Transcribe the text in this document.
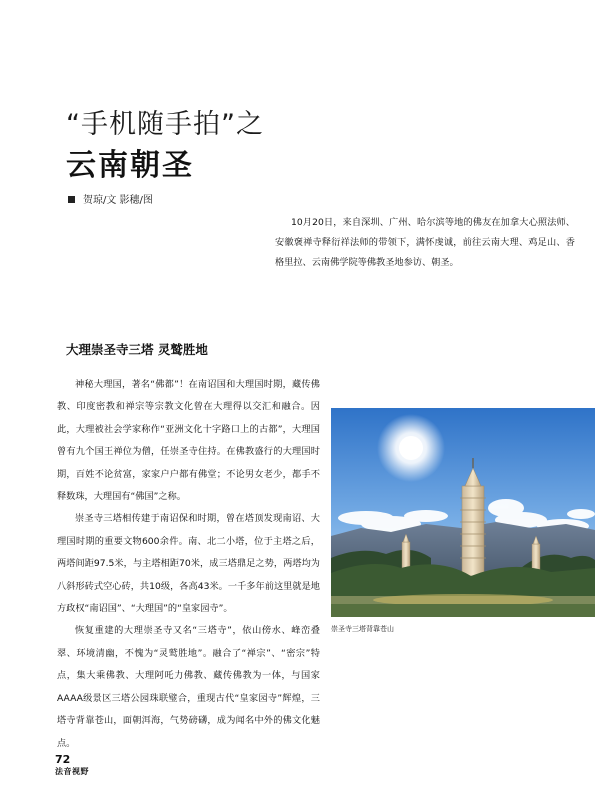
“手机随手拍”之
云南朝圣
贺琼/文 影穗/图
10月20日，来自深圳、广州、哈尔滨等地的佛友在加拿大心照法师、安徽褒禅寺释衍祥法师的带领下，满怀虔诚，前往云南大理、鸡足山、香格里拉、云南佛学院等佛教圣地参访、朝圣。
大理崇圣寺三塔 灵鹫胜地

神秘大理国，著名“佛都”！在南诏国和大理国时期，藏传佛教、印度密教和禅宗等宗教文化曾在大理得以交汇和融合。因此，大理被社会学家称作“亚洲文化十字路口上的古都”，大理国曾有九个国王禅位为僧，任崇圣寺住持。在佛教盛行的大理国时期，百姓不论贫富，家家户户都有佛堂；不论男女老少，都手不释数珠，大理国有“佛国”之称。

崇圣寺三塔相传建于南诏保和时期，曾在塔顶发现南诏、大理国时期的重要文物600余件。南、北二小塔，位于主塔之后，两塔间距97.5米，与主塔相距70米，成三塔鼎足之势，两塔均为八斜形砖式空心砖，共10级，各高43米。一千多年前这里就是地方政权“南诏国”、“大理国”的“皇家园寺”。

恢复重建的大理崇圣寺又名“三塔寺”，依山傍水、峰峦叠翠、环境清幽，不愧为“灵鹫胜地”。融合了“禅宗”、“密宗”特点，集大乘佛教、大理阿吒力佛教、藏传佛教为一体，与国家AAAA级景区三塔公园珠联璧合，重现古代“皇家园寺”辉煌，三塔寺背靠苍山，面朝洱海，气势磅礴，成为闻名中外的佛文化魅点。

崇圣寺三塔背靠苍山
72
法音视野
